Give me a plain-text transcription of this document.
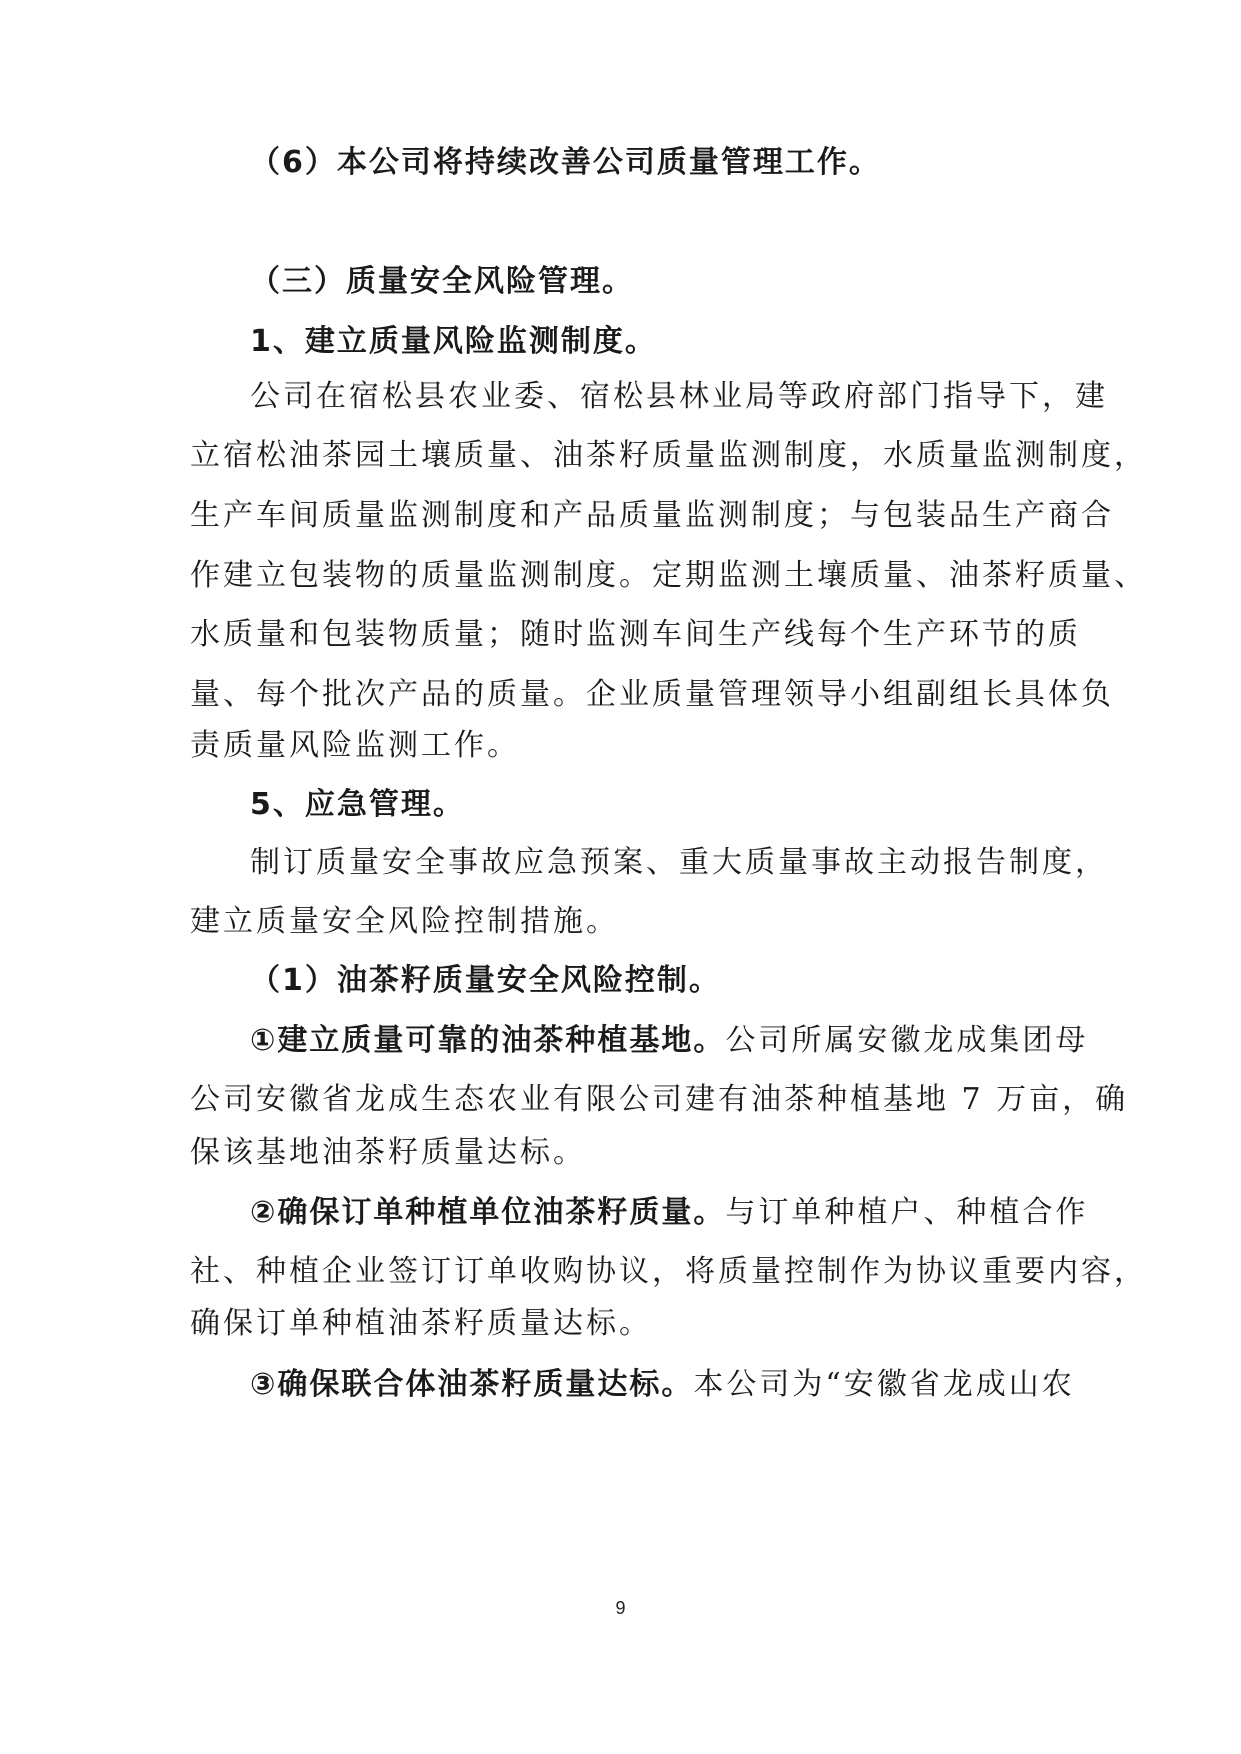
（6）本公司将持续改善公司质量管理工作。
（三）质量安全风险管理。
1、建立质量风险监测制度。
公司在宿松县农业委、宿松县林业局等政府部门指导下，建
立宿松油茶园土壤质量、油茶籽质量监测制度，水质量监测制度，
生产车间质量监测制度和产品质量监测制度；与包装品生产商合
作建立包装物的质量监测制度。定期监测土壤质量、油茶籽质量、
水质量和包装物质量；随时监测车间生产线每个生产环节的质
量、每个批次产品的质量。企业质量管理领导小组副组长具体负
责质量风险监测工作。
5、应急管理。
制订质量安全事故应急预案、重大质量事故主动报告制度，
建立质量安全风险控制措施。
（1）油茶籽质量安全风险控制。
①建立质量可靠的油茶种植基地。公司所属安徽龙成集团母
公司安徽省龙成生态农业有限公司建有油茶种植基地 7 万亩，确
保该基地油茶籽质量达标。
②确保订单种植单位油茶籽质量。与订单种植户、种植合作
社、种植企业签订订单收购协议，将质量控制作为协议重要内容，
确保订单种植油茶籽质量达标。
③确保联合体油茶籽质量达标。本公司为“安徽省龙成山农
9
